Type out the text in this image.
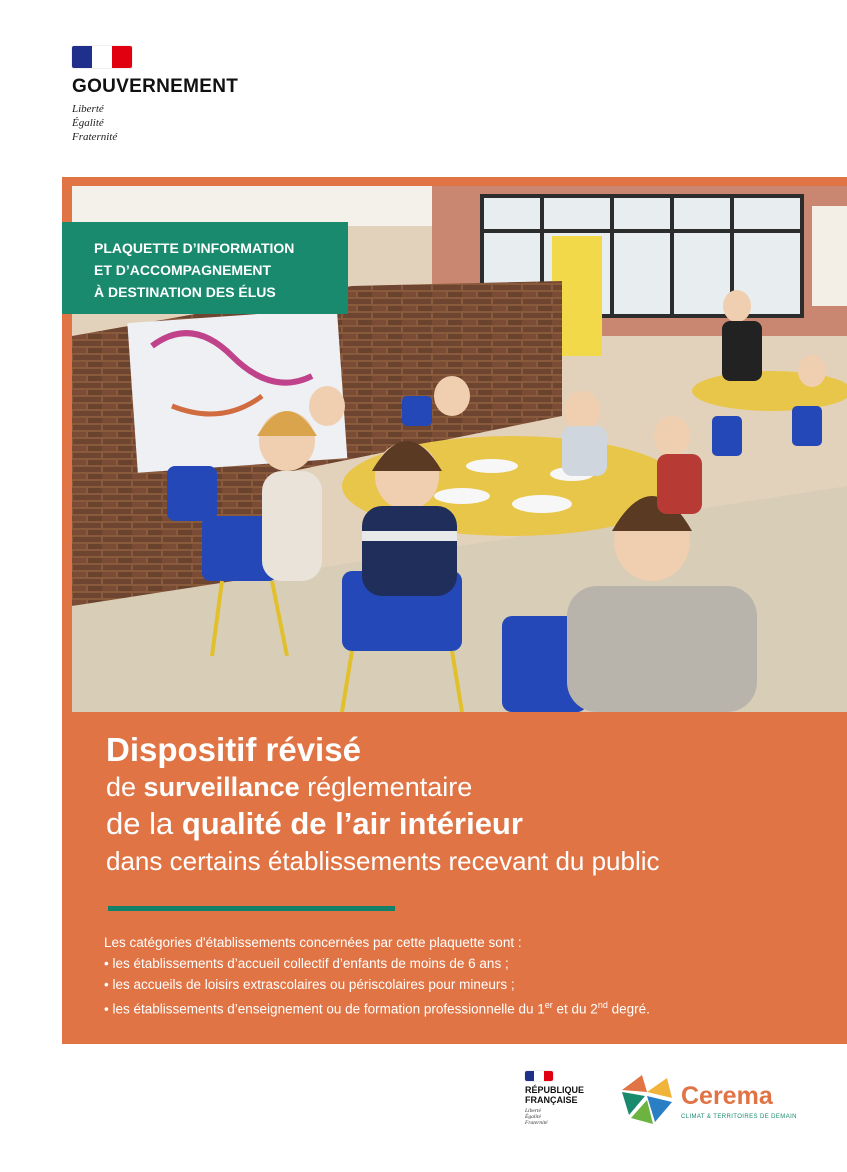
GOUVERNEMENT
Liberté
Égalité
Fraternité
PLAQUETTE D’INFORMATION
ET D’ACCOMPAGNEMENT
À DESTINATION DES ÉLUS
Dispositif révisé
de surveillance réglementaire
de la qualité de l’air intérieur
dans certains établissements recevant du public
Les catégories d'établissements concernées par cette plaquette sont :
• les établissements d’accueil collectif d’enfants de moins de 6 ans ;
• les accueils de loisirs extrascolaires ou périscolaires pour mineurs ;
• les établissements d’enseignement ou de formation professionnelle du 1er et du 2nd degré.
RÉPUBLIQUE
FRANÇAISE
Liberté
Égalité
Fraternité
Cerema
CLIMAT & TERRITOIRES DE DEMAIN
